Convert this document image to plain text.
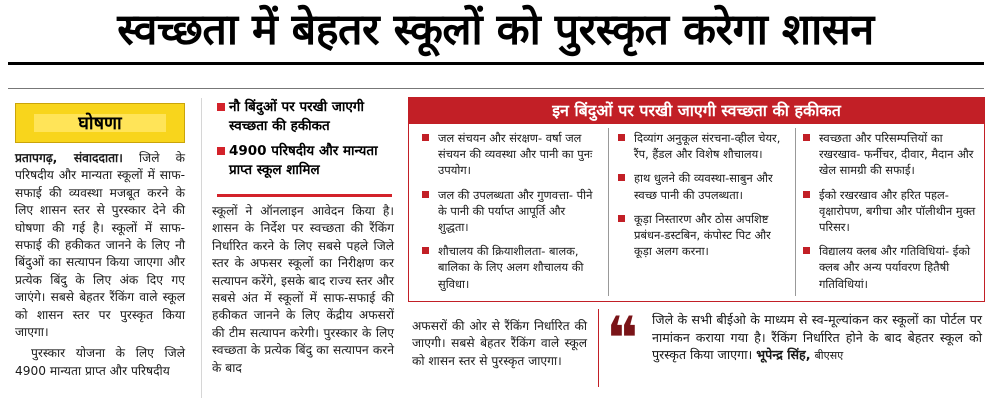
स्वच्छता में बेहतर स्कूलों को पुरस्कृत करेगा शासन
घोषणा

प्रतापगढ़, संवाददाता। जिले के परिषदीय और मान्यता स्कूलों में साफ-सफाई की व्यवस्था मजबूत करने के लिए शासन स्तर से पुरस्कार देने की घोषणा की गई है। स्कूलों में साफ-सफाई की हकीकत जानने के लिए नौ बिंदुओं का सत्यापन किया जाएगा और प्रत्येक बिंदु के लिए अंक दिए गए जाएंगे। सबसे बेहतर रैंकिंग वाले स्कूल को शासन स्तर पर पुरस्कृत किया जाएगा।

पुरस्कार योजना के लिए जिले 4900 मान्यता प्राप्त और परिषदीय

नौ बिंदुओं पर परखी जाएगी स्वच्छता की हकीकत
4900 परिषदीय और मान्यता प्राप्त स्कूल शामिल

स्कूलों ने ऑनलाइन आवेदन किया है। शासन के निर्देश पर स्वच्छता की रैंकिंग निर्धारित करने के लिए सबसे पहले जिले स्तर के अफसर स्कूलों का निरीक्षण कर सत्यापन करेंगे, इसके बाद राज्य स्तर और सबसे अंत में स्कूलों में साफ-सफाई की हकीकत जानने के लिए केंद्रीय अफसरों की टीम सत्यापन करेगी। पुरस्कार के लिए स्वच्छता के प्रत्येक बिंदु का सत्यापन करने के बाद

इन बिंदुओं पर परखी जाएगी स्वच्छता की हकीकत
जल संचयन और संरक्षण- वर्षा जल संचयन की व्यवस्था और पानी का पुनः उपयोग।
जल की उपलब्धता और गुणवत्ता- पीने के पानी की पर्याप्त आपूर्ति और शुद्धता।
शौचालय की क्रियाशीलता- बालक, बालिका के लिए अलग शौचालय की सुविधा।
दिव्यांग अनुकूल संरचना-व्हील चेयर, रैंप, हैंडल और विशेष शौचालय।
हाथ धुलने की व्यवस्था-साबुन और स्वच्छ पानी की उपलब्धता।
कूड़ा निस्तारण और ठोस अपशिष्ट प्रबंधन-डस्टबिन, कंपोस्ट पिट और कूड़ा अलग करना।
स्वच्छता और परिसम्पत्तियों का रखरखाव- फर्नीचर, दीवार, मैदान और खेल सामग्री की सफाई।
ईको रखरखाव और हरित पहल- वृक्षारोपण, बगीचा और पॉलीथीन मुक्त परिसर।
विद्यालय क्लब और गतिविधियां- ईको क्लब और अन्य पर्यावरण हितैषी गतिविधियां।

अफसरों की ओर से रैंकिंग निर्धारित की जाएगी। सबसे बेहतर रैंकिंग वाले स्कूल को शासन स्तर से पुरस्कृत जाएगा। ❝ जिले के सभी बीईओ के माध्यम से स्व-मूल्यांकन कर स्कूलों का पोर्टल पर नामांकन कराया गया है। रैंकिंग निर्धारित होने के बाद बेहतर स्कूल को पुरस्कृत किया जाएगा। भूपेन्द्र सिंह, बीएसए
